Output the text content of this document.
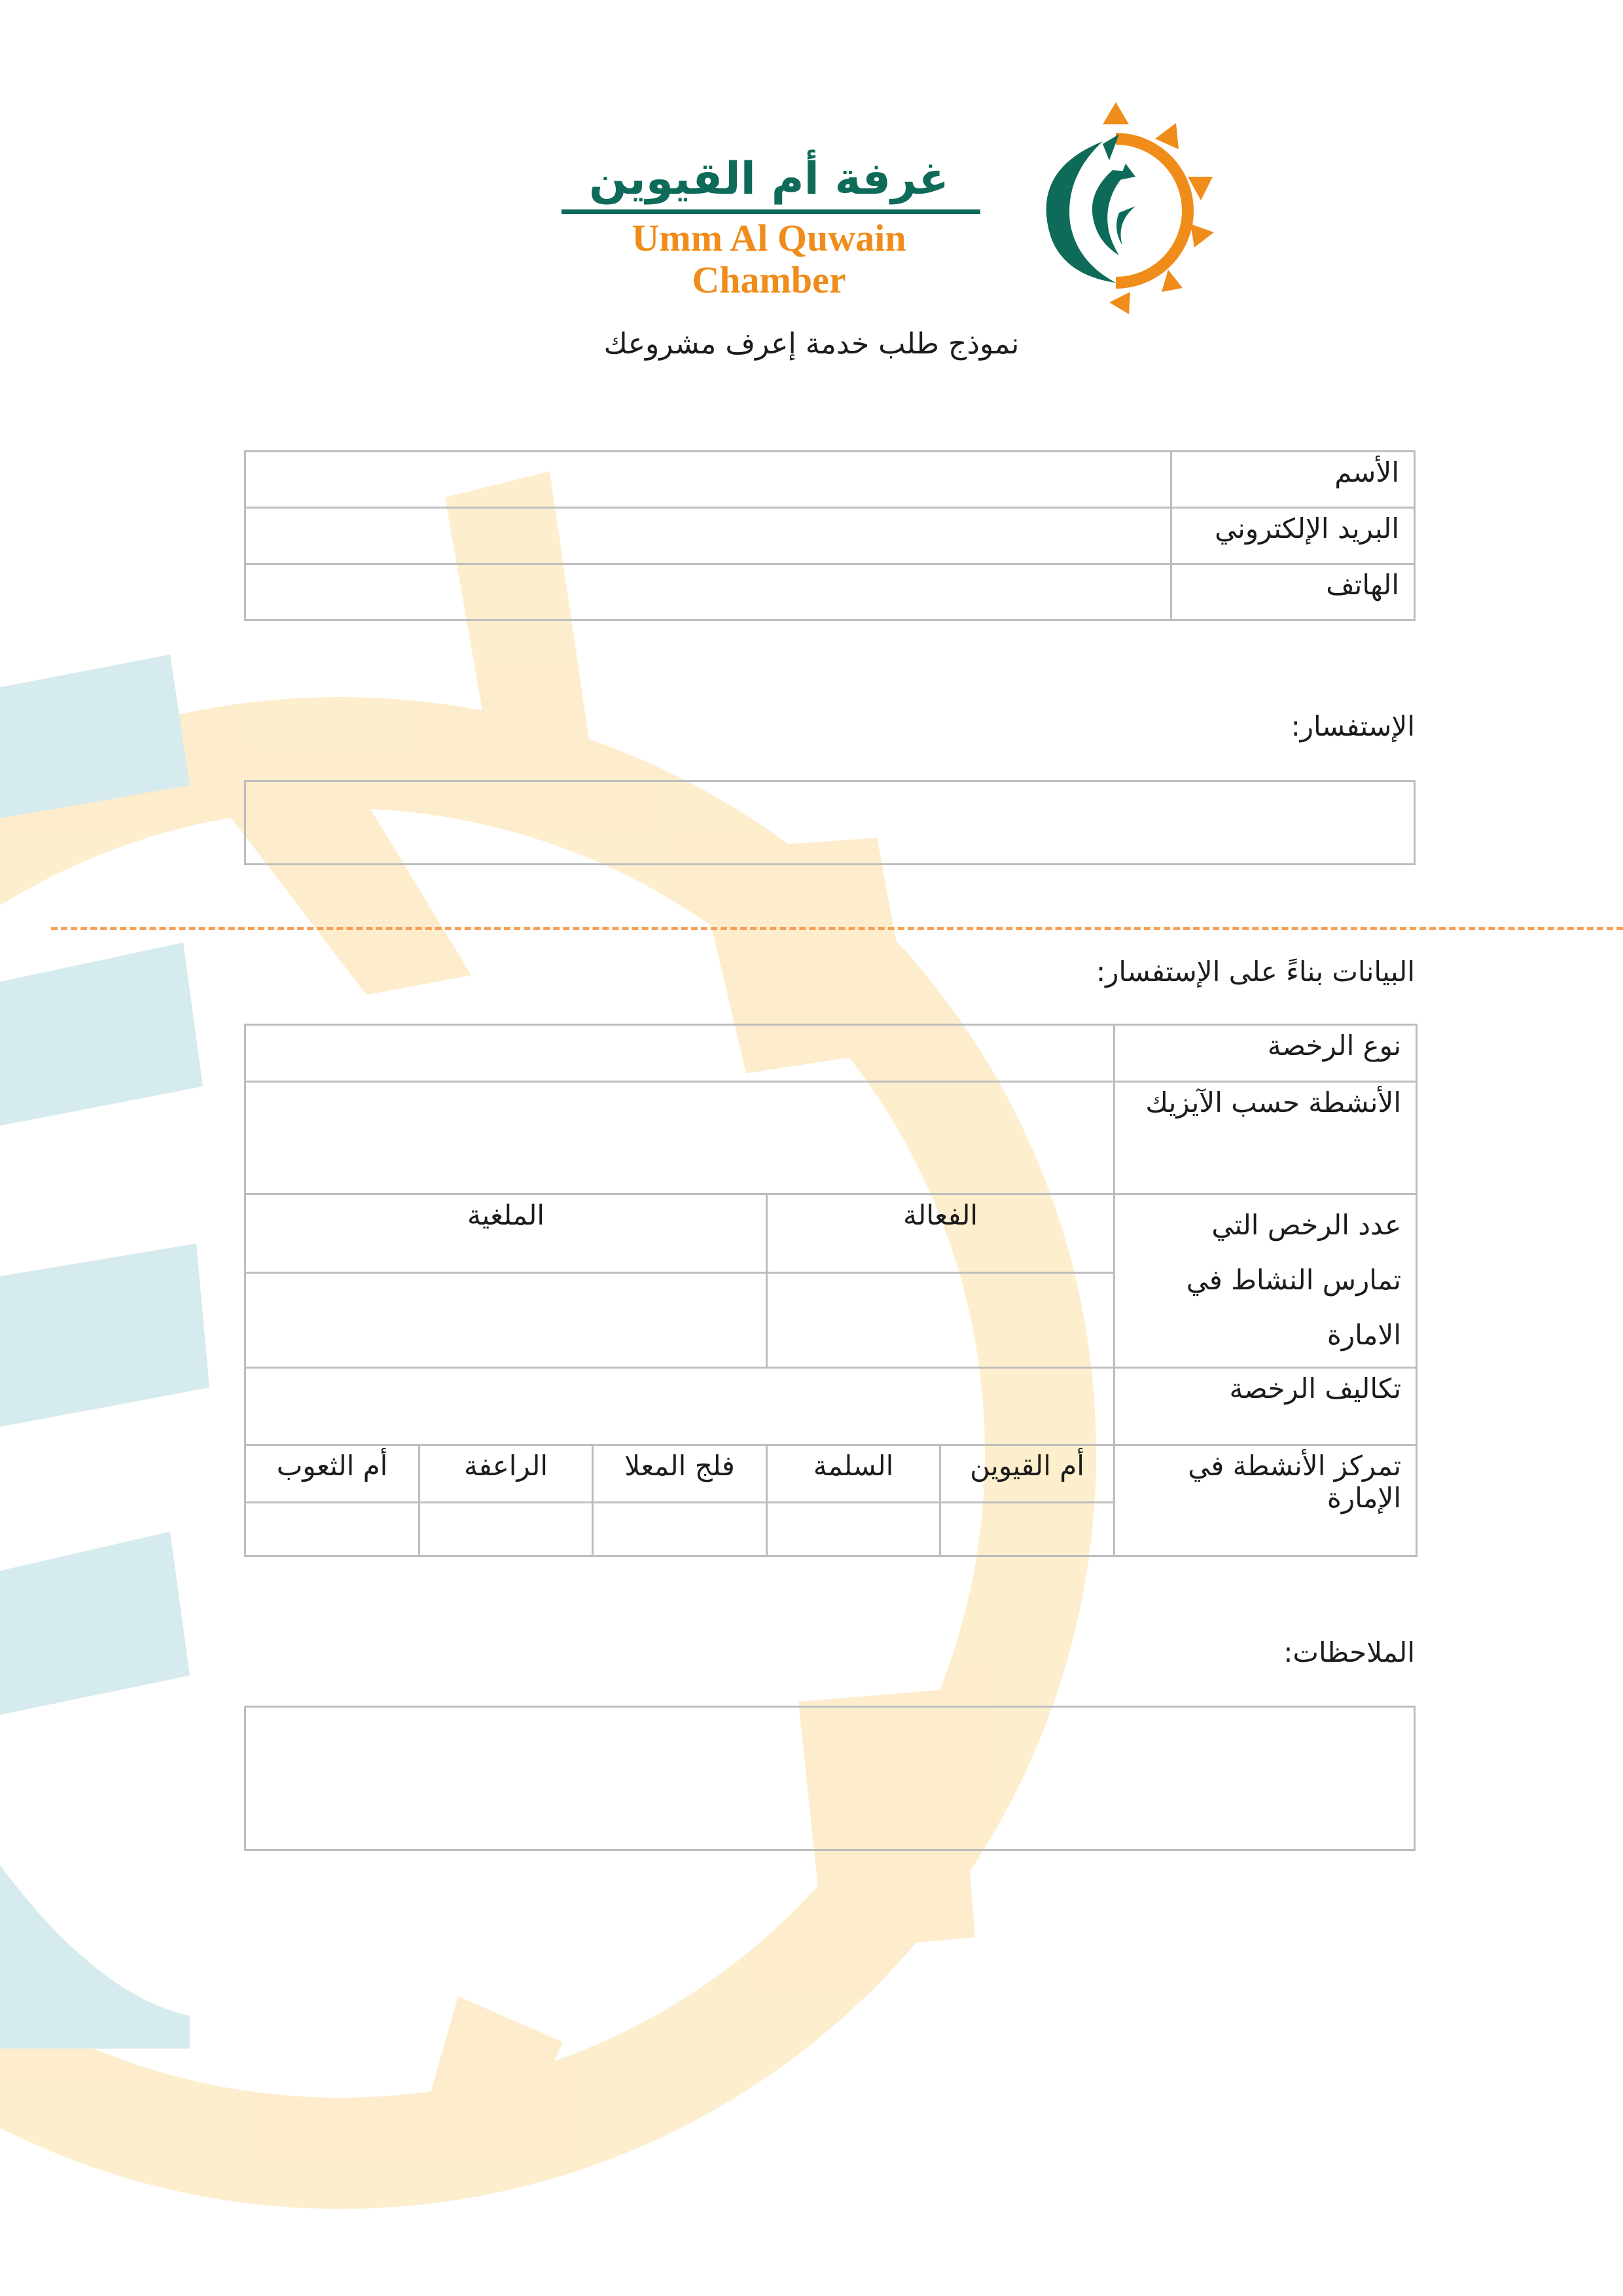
غرفة أم القيوين
Umm Al Quwain Chamber
نموذج طلب خدمة إعرف مشروعك
الأسم	
البريد الإلكتروني	
الهاتف	
الإستفسار:
البيانات بناءً على الإستفسار:
نوع الرخصة					
الأنشطة حسب الآيزيك					

عدد الرخص التي
تمارس النشاط في
الامارة	الفعالة		الملغية		

تكاليف الرخصة					
تمركز الأنشطة في الإمارة	أم القيوين	السلمة	فلج المعلا	الراعفة	أم الثعوب

الملاحظات:
